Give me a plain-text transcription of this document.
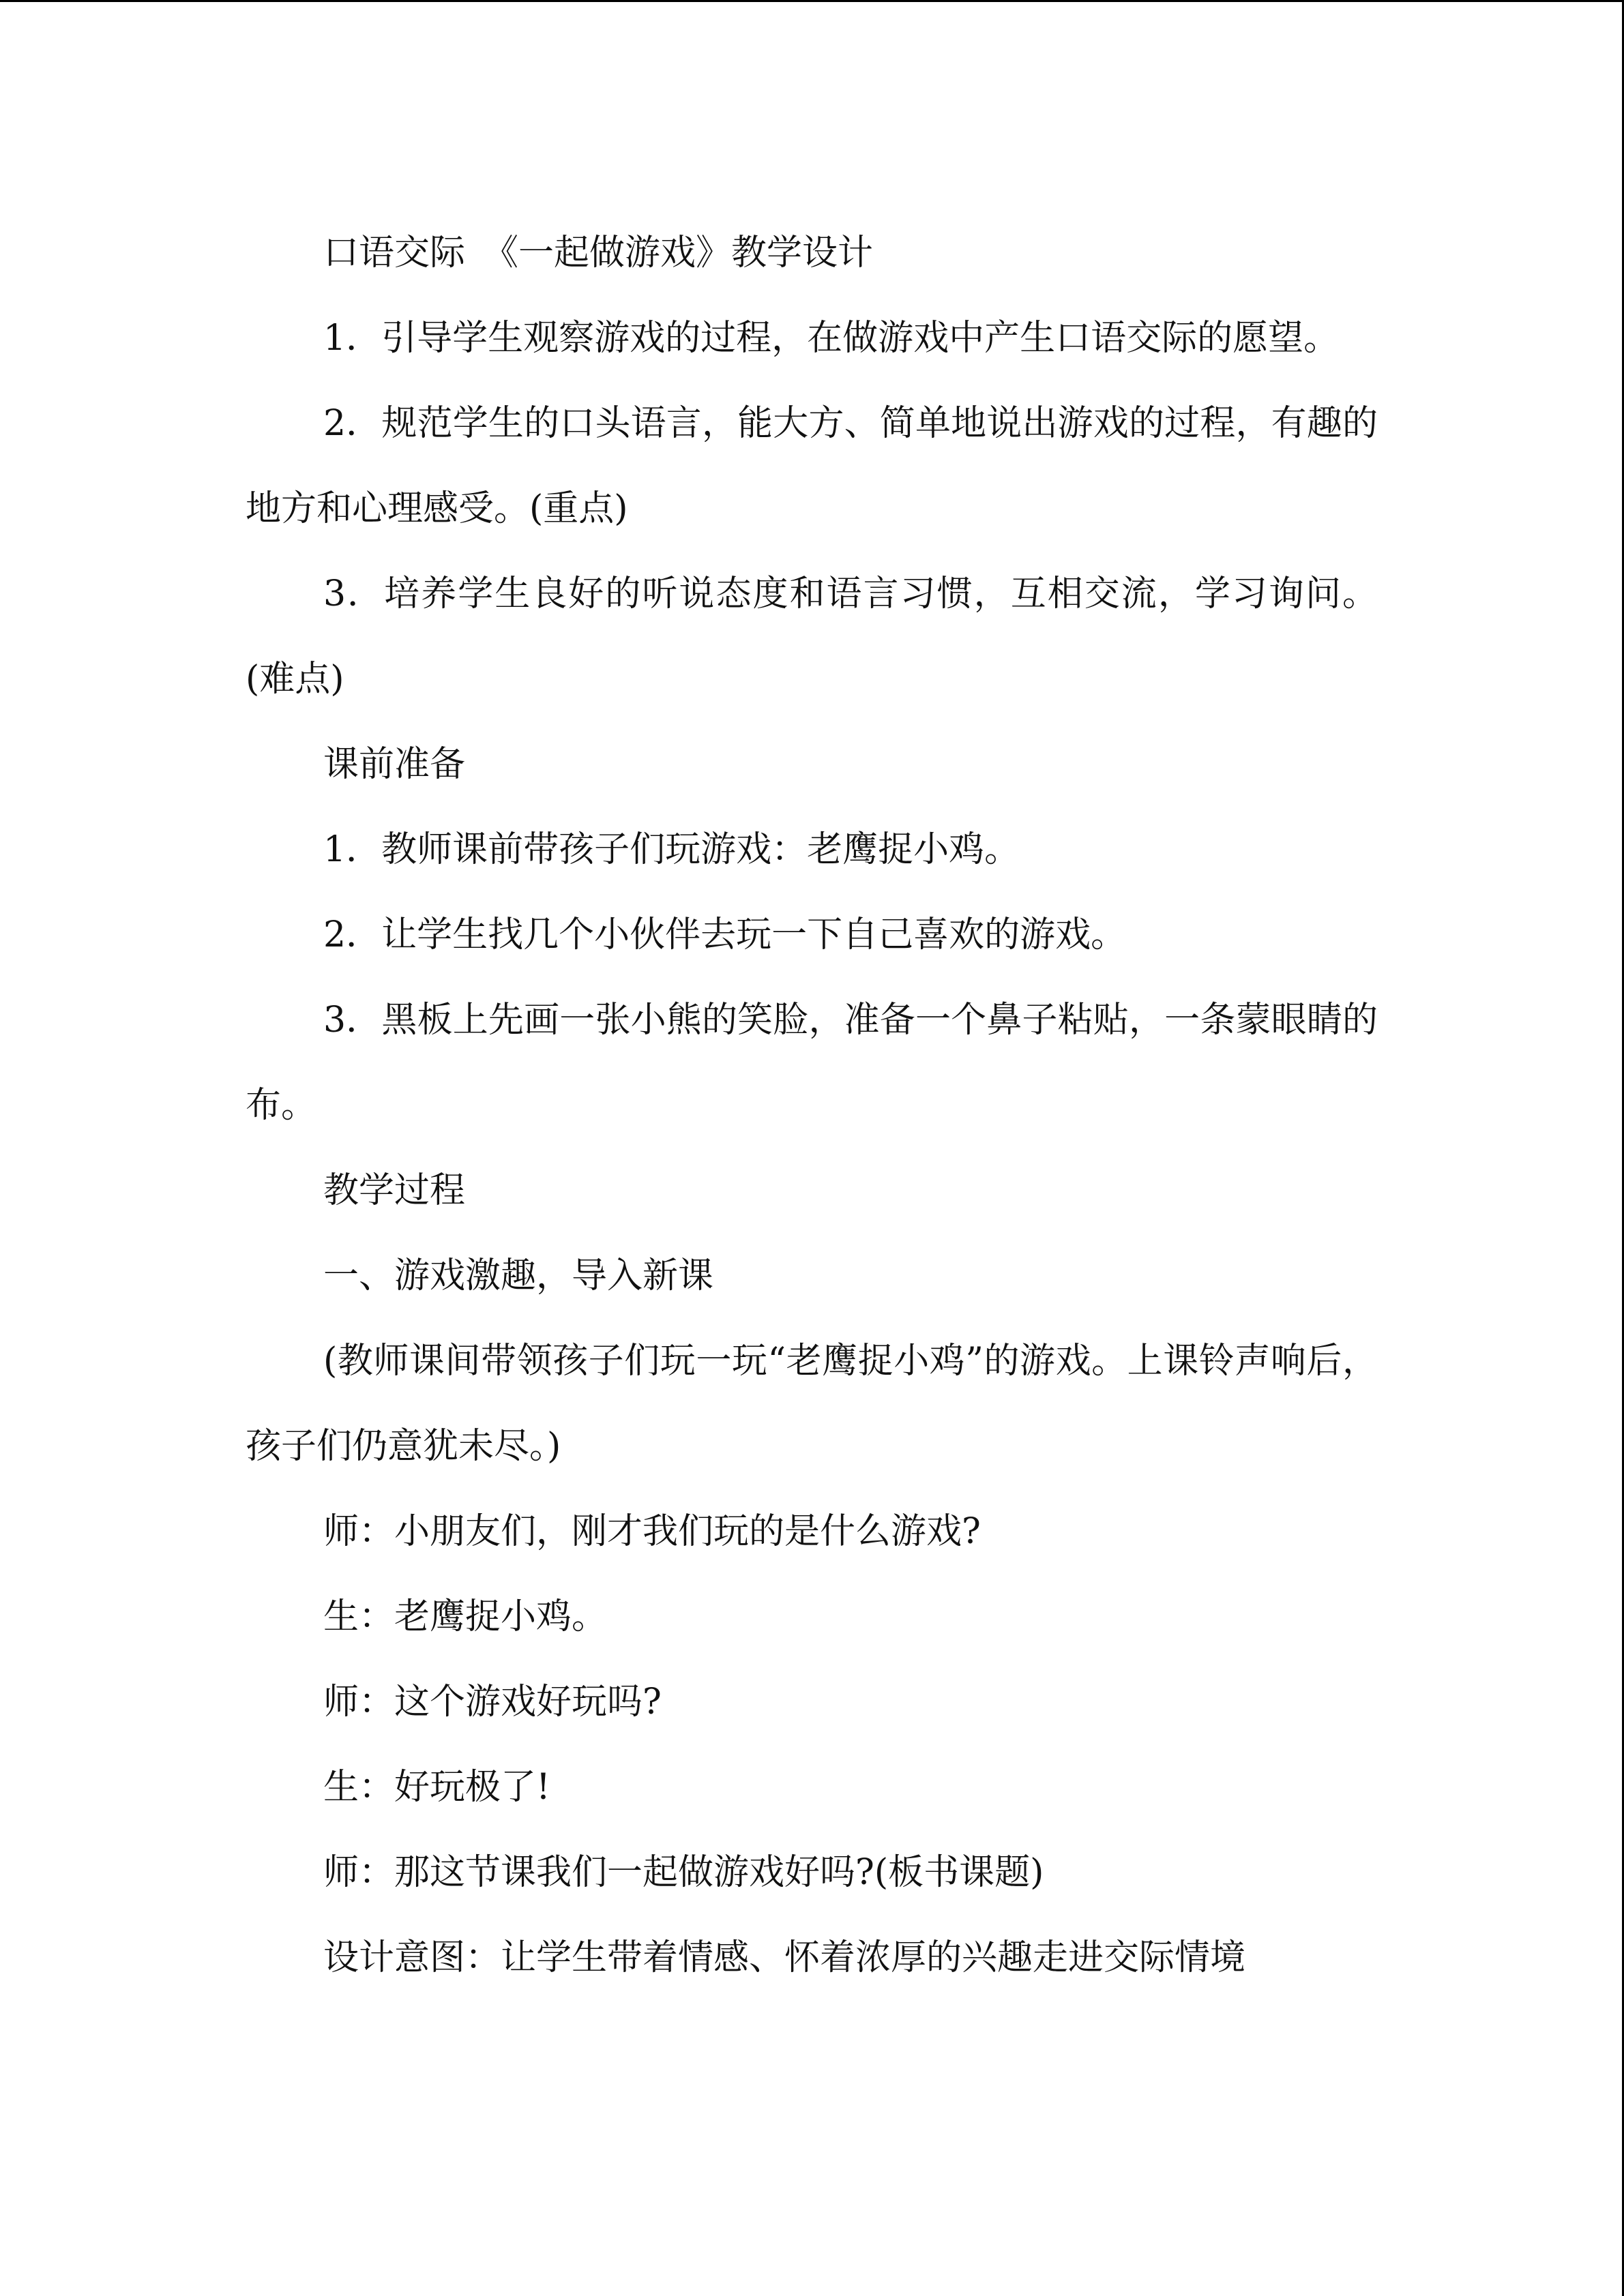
口语交际　《一起做游戏》教学设计

1．引导学生观察游戏的过程，在做游戏中产生口语交际的愿望。

2．规范学生的口头语言，能大方、简单地说出游戏的过程，有趣的地方和心理感受。(重点)

3．培养学生良好的听说态度和语言习惯，互相交流，学习询问。(难点)

课前准备

1．教师课前带孩子们玩游戏：老鹰捉小鸡。

2．让学生找几个小伙伴去玩一下自己喜欢的游戏。

3．黑板上先画一张小熊的笑脸，准备一个鼻子粘贴，一条蒙眼睛的布。

教学过程

一、游戏激趣，导入新课

(教师课间带领孩子们玩一玩“老鹰捉小鸡”的游戏。上课铃声响后，孩子们仍意犹未尽。)

师：小朋友们，刚才我们玩的是什么游戏?

生：老鹰捉小鸡。

师：这个游戏好玩吗?

生：好玩极了!

师：那这节课我们一起做游戏好吗?(板书课题)

设计意图：让学生带着情感、怀着浓厚的兴趣走进交际情境
